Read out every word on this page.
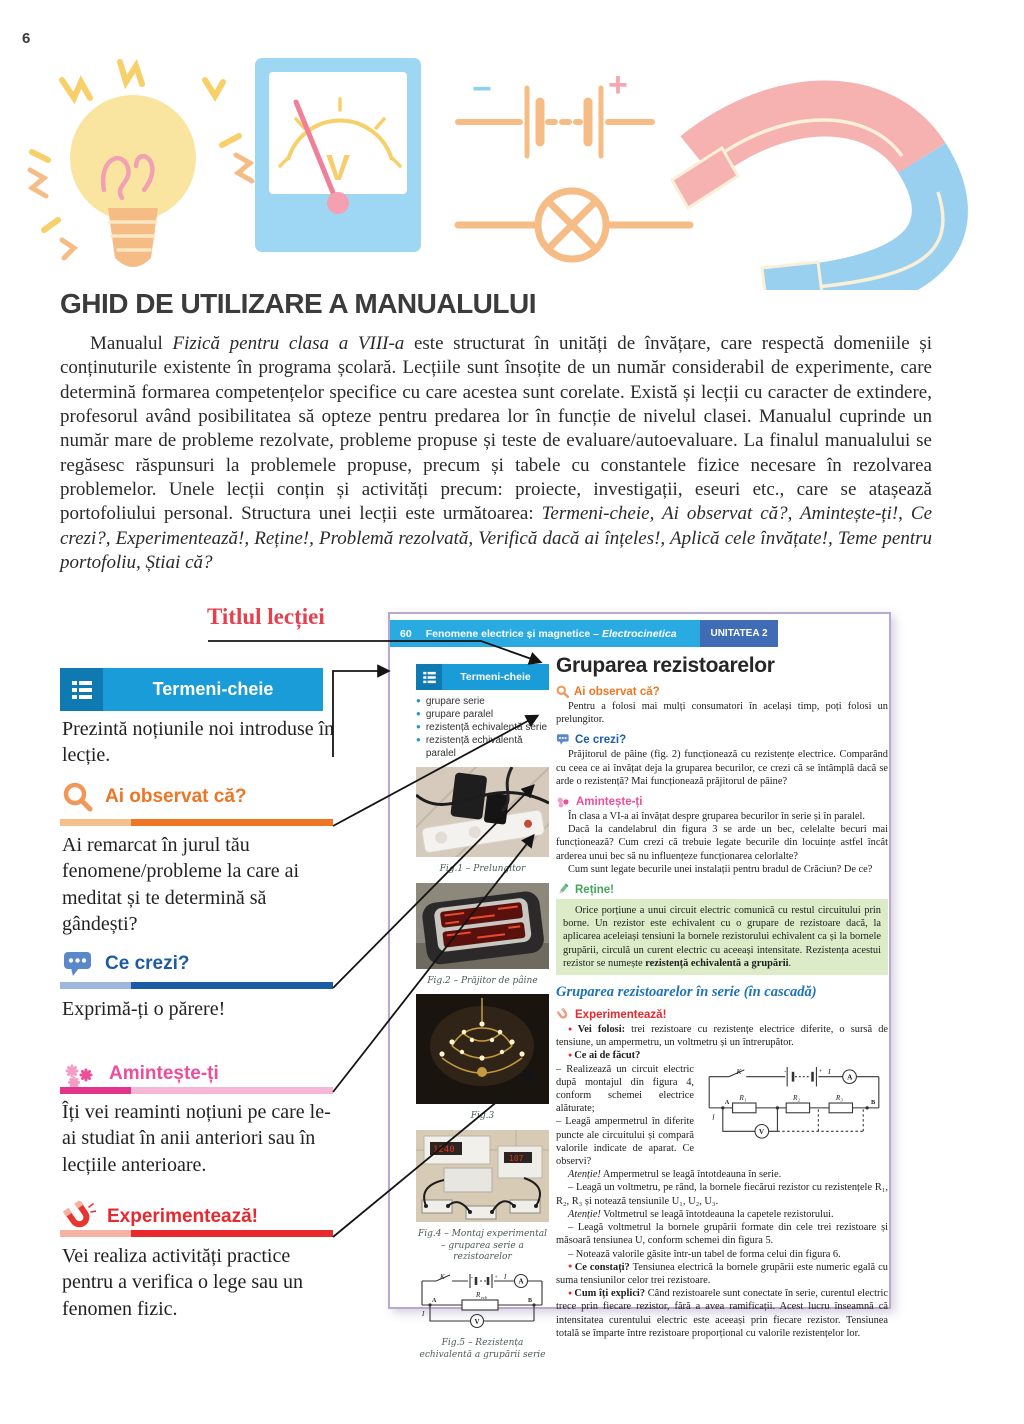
6
V
−	+
GHID DE UTILIZARE A MANUALULUI

Manualul Fizică pentru clasa a VIII-a este structurat în unități de învățare, care respectă domeniile și conținuturile existente în programa școlară. Lecțiile sunt însoțite de un număr considerabil de experimente, care determină formarea competențelor specifice cu care acestea sunt corelate. Există și lecții cu caracter de extindere, profesorul având posibilitatea să opteze pentru predarea lor în funcție de nivelul clasei. Manualul cuprinde un număr mare de probleme rezolvate, probleme propuse și teste de evaluare/autoevaluare. La finalul manualului se regăsesc răspunsuri la problemele propuse, precum și tabele cu constantele fizice necesare în rezolvarea problemelor. Unele lecții conțin și activități precum: proiecte, investigații, eseuri etc., care se atașează portofoliului personal. Structura unei lecții este următoarea: Termeni-cheie, Ai observat că?, Amintește-ți!, Ce crezi?, Experimentează!, Reține!, Problemă rezolvată, Verifică dacă ai înțeles!, Aplică cele învățate!, Teme pentru portofoliu, Știai că?

Titlul lecției
Termeni-cheie
Prezintă noțiunile noi introduse în lecție.
Ai observat că?
Ai remarcat în jurul tău fenomene/probleme la care ai meditat și te determină să gândești?
Ce crezi?
Exprimă-ți o părere!
Amintește-ți
Îți vei reaminti noțiuni pe care le-ai studiat în anii anteriori sau în lecțiile anterioare.
Experimentează!
Vei realiza activități practice pentru a verifica o lege sau un fenomen fizic.
60 Fenomene electrice și magnetice – Electrocinetica	UNITATEA 2
Termeni-cheie
● grupare serie
● grupare paralel
● rezistență echivalentă serie
● rezistență echivalentă paralel
Fig.1 – Prelungitor
Fig.2 – Prăjitor de pâine
Fig.3
1240
107
Fig.4 – Montaj experimental – gruparea serie a rezistoarelor
K	-	+ I
A
A	B
R ech
I
V
Fig.5 – Rezistența echivalentă a grupării serie
Gruparea rezistoarelor
Ai observat că?

Pentru a folosi mai mulți consumatori în același timp, poți folosi un prelungitor.

Ce crezi?

Prăjitorul de pâine (fig. 2) funcționează cu rezistențe electrice. Comparând cu ceea ce ai învățat deja la gruparea becurilor, ce crezi că se întâmplă dacă se arde o rezistență? Mai funcționează prăjitorul de pâine?

Amintește-ți

În clasa a VI-a ai învățat despre gruparea becurilor în serie și în paralel.

Dacă la candelabrul din figura 3 se arde un bec, celelalte becuri mai funcționează? Cum crezi că trebuie legate becurile din locuințe astfel încât arderea unui bec să nu influențeze funcționarea celorlalte?

Cum sunt legate becurile unei instalații pentru bradul de Crăciun? De ce?

Reține!

Orice porțiune a unui circuit electric comunică cu restul circuitului prin borne. Un rezistor este echivalent cu o grupare de rezistoare dacă, la aplicarea aceleiași tensiuni la bornele rezistorului echivalent ca și la bornele grupării, circulă un curent electric cu aceeași intensitate. Rezistența acestui rezistor se numește rezistență echivalentă a grupării.

Gruparea rezistoarelor în serie (în cascadă)
Experimentează!

● Vei folosi: trei rezistoare cu rezistențe electrice diferite, o sursă de tensiune, un ampermetru, un voltmetru și un întrerupător.

● Ce ai de făcut?

K	-	+ I
A
A	B
R₁	R₂	R₃
I
V

– Realizează un circuit electric după montajul din figura 4, conform schemei electrice alăturate;

– Leagă ampermetrul în diferite puncte ale circuitului și compară valorile indicate de aparat. Ce observi?

Atenție! Ampermetrul se leagă întotdeauna în serie.

– Leagă un voltmetru, pe rând, la bornele fiecărui rezistor cu rezistențele R₁, R₂, R₃ și notează tensiunile U₁, U₂, U₃.

Atenție! Voltmetrul se leagă întotdeauna la capetele rezistorului.

– Leagă voltmetrul la bornele grupării formate din cele trei rezistoare și măsoară tensiunea U, conform schemei din figura 5.

– Notează valorile găsite într-un tabel de forma celui din figura 6.

● Ce constați? Tensiunea electrică la bornele grupării este numeric egală cu suma tensiunilor celor trei rezistoare.

● Cum îți explici? Când rezistoarele sunt conectate în serie, curentul electric trece prin fiecare rezistor, fără a avea ramificații. Acest lucru înseamnă că intensitatea curentului electric este aceeași prin fiecare rezistor. Tensiunea totală se împarte între rezistoare proporțional cu valorile rezistențelor lor.
